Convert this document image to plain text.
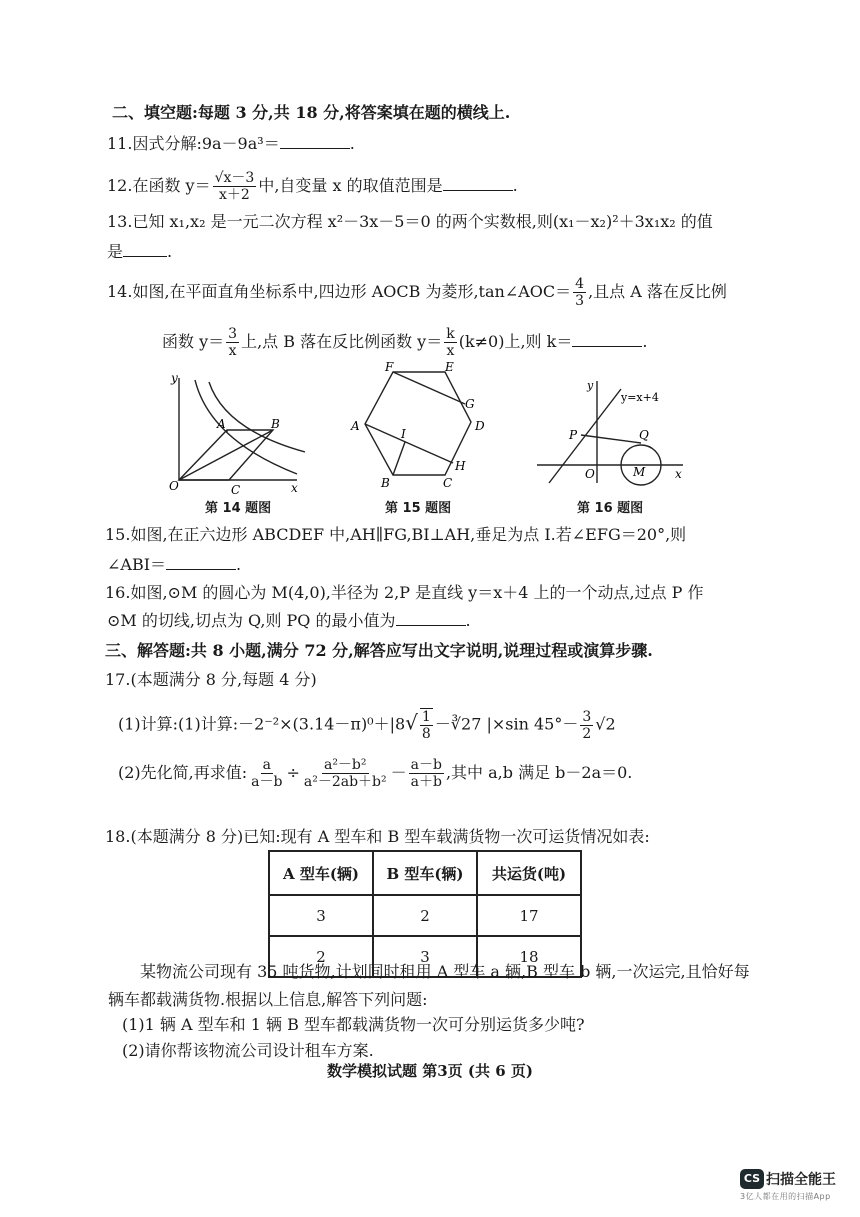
二、填空题:每题 3 分,共 18 分,将答案填在题的横线上.
11.因式分解:9a－9a³＝	.
12.在函数 $y= \frac{√x-3}{x+2}$ 中,自变量 x 的取值范围是	.
13.已知 x₁,x₂ 是一元二次方程 x²－3x－5＝0 的两个实数根,则(x₁－x₂)²＋3x₁x₂ 的值
是	.
14.如图,在平面直角坐标系中,四边形 AOCB 为菱形,tan∠AOC＝ $\frac{4}{3}$ ,且点 A 落在反比例
函数 $y= \frac{3}{x}$ 上,点 B 落在反比例函数 $y= \frac{k}{x} (k\ne 0)$上,则 k＝	.
y
O	x
A	B
C
第 14 题图
F	E
G
D
A
I
B	C
H
第 15 题图
y
y=x+4
P	Q
O	M x
第 16 题图
15.如图,在正六边形 ABCDEF 中,AH∥FG,BI⊥AH,垂足为点 I.若∠EFG＝20°,则
∠ABI＝	.
16.如图,⊙M 的圆心为 M(4,0),半径为 2,P 是直线 y＝x＋4 上的一个动点,过点 P 作
⊙M 的切线,切点为 Q,则 PQ 的最小值为	.
三、解答题:共 8 小题,满分 72 分,解答应写出文字说明,说理过程或演算步骤.
17.(本题满分 8 分,每题 4 分)
(1)计算:(1)计算:－2⁻²×(3.14－π)⁰＋|8√ $\frac{1}{8}$ －∛27 |×sin $45^\circ- \frac{3}{2} √2$
(2)先化简,再求值: $\frac{a}{a-b} \div \frac{\text{a²－b²}}{\text{a²－2ab＋b²}} - \frac{a-b}{a+b}$ ,其中 a,b 满足 b－2a＝0.
18.(本题满分 8 分)已知:现有 A 型车和 B 型车载满货物一次可运货情况如表:
A 型车(辆)	B 型车(辆)	共运货(吨)
3	2	17
2	3	18
某物流公司现有 35 吨货物,计划同时租用 A 型车 a 辆,B 型车 b 辆,一次运完,且恰好每
辆车都载满货物.根据以上信息,解答下列问题:
(1)1 辆 A 型车和 1 辆 B 型车都载满货物一次可分别运货多少吨?
(2)请你帮该物流公司设计租车方案.
数学模拟试题 第3页 (共 6 页)
CS 扫描全能王
3亿人都在用的扫描App
